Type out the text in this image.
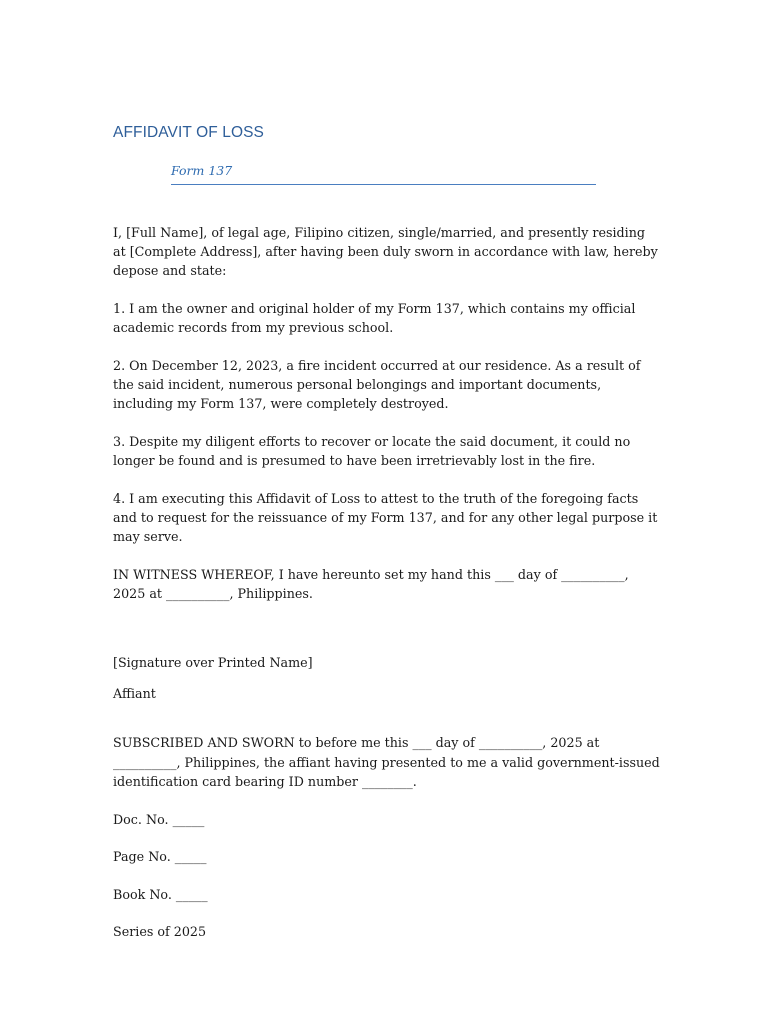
AFFIDAVIT OF LOSS
Form 137

I, [Full Name], of legal age, Filipino citizen, single/married, and presently residing at [Complete Address], after having been duly sworn in accordance with law, hereby depose and state:

1. I am the owner and original holder of my Form 137, which contains my official academic records from my previous school.

2. On December 12, 2023, a fire incident occurred at our residence. As a result of the said incident, numerous personal belongings and important documents, including my Form 137, were completely destroyed.

3. Despite my diligent efforts to recover or locate the said document, it could no longer be found and is presumed to have been irretrievably lost in the fire.

4. I am executing this Affidavit of Loss to attest to the truth of the foregoing facts and to request for the reissuance of my Form 137, and for any other legal purpose it may serve.

IN WITNESS WHEREOF, I have hereunto set my hand this ___ day of __________, 2025 at __________, Philippines.

[Signature over Printed Name]

Affiant

SUBSCRIBED AND SWORN to before me this ___ day of __________, 2025 at __________, Philippines, the affiant having presented to me a valid government-issued identification card bearing ID number ________.

Doc. No. _____

Page No. _____

Book No. _____

Series of 2025
